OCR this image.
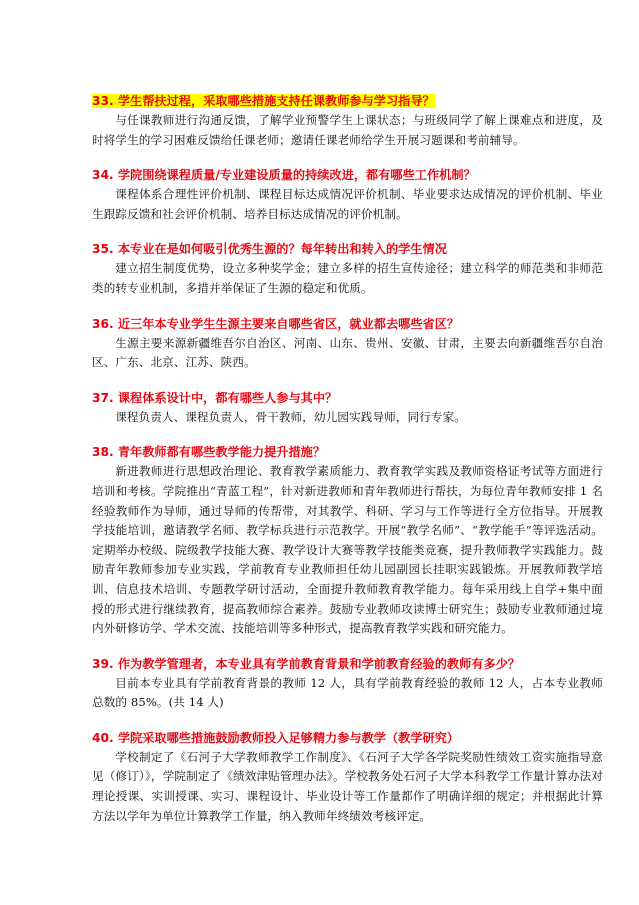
33. 学生帮扶过程，采取哪些措施支持任课教师参与学习指导？

与任课教师进行沟通反馈，了解学业预警学生上课状态；与班级同学了解上课难点和进度，及时将学生的学习困难反馈给任课老师；邀请任课老师给学生开展习题课和考前辅导。

34. 学院围绕课程质量/专业建设质量的持续改进，都有哪些工作机制？

课程体系合理性评价机制、课程目标达成情况评价机制、毕业要求达成情况的评价机制、毕业生跟踪反馈和社会评价机制、培养目标达成情况的评价机制。

35. 本专业在是如何吸引优秀生源的？每年转出和转入的学生情况

建立招生制度优势，设立多种奖学金；建立多样的招生宣传途径；建立科学的师范类和非师范类的转专业机制，多措并举保证了生源的稳定和优质。

36. 近三年本专业学生生源主要来自哪些省区，就业都去哪些省区？

生源主要来源新疆维吾尔自治区、河南、山东、贵州、安徽、甘肃，主要去向新疆维吾尔自治区、广东、北京、江苏、陕西。

37. 课程体系设计中，都有哪些人参与其中？

课程负责人、课程负责人，骨干教师，幼儿园实践导师，同行专家。

38. 青年教师都有哪些教学能力提升措施？

新进教师进行思想政治理论、教育教学素质能力、教育教学实践及教师资格证考试等方面进行培训和考核。学院推出“青蓝工程”，针对新进教师和青年教师进行帮扶，为每位青年教师安排 1 名经验教师作为导师，通过导师的传帮带，对其教学、科研、学习与工作等进行全方位指导。开展教学技能培训，邀请教学名师、教学标兵进行示范教学。开展“教学名师”、“教学能手”等评选活动。定期举办校级、院级教学技能大赛、教学设计大赛等教学技能类竞赛，提升教师教学实践能力。鼓励青年教师参加专业实践，学前教育专业教师担任幼儿园副园长挂职实践锻炼。开展教师教学培训、信息技术培训、专题教学研讨活动，全面提升教师教育教学能力。每年采用线上自学+集中面授的形式进行继续教育，提高教师综合素养。鼓励专业教师攻读博士研究生；鼓励专业教师通过境内外研修访学、学术交流、技能培训等多种形式，提高教育教学实践和研究能力。

39. 作为教学管理者，本专业具有学前教育背景和学前教育经验的教师有多少？

目前本专业具有学前教育背景的教师 12 人，具有学前教育经验的教师 12 人，占本专业教师总数的 85%。(共 14 人)

40. 学院采取哪些措施鼓励教师投入足够精力参与教学（教学研究）

学校制定了《石河子大学教师教学工作制度》、《石河子大学各学院奖励性绩效工资实施指导意见（修订）》，学院制定了《绩效津贴管理办法》。学校教务处石河子大学本科教学工作量计算办法对理论授课、实训授课、实习、课程设计、毕业设计等工作量都作了明确详细的规定；并根据此计算方法以学年为单位计算教学工作量，纳入教师年终绩效考核评定。
